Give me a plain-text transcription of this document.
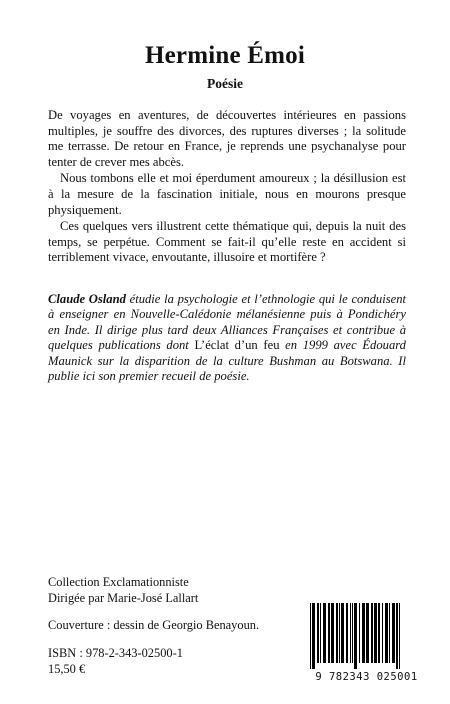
Hermine Émoi
Poésie

De voyages en aventures, de découvertes intérieures en passions multiples, je souffre des divorces, des ruptures diverses ; la solitude me terrasse. De retour en France, je reprends une psychanalyse pour tenter de crever mes abcès.

Nous tombons elle et moi éperdument amoureux ; la désillusion est à la mesure de la fascination initiale, nous en mourons presque physiquement.

Ces quelques vers illustrent cette thématique qui, depuis la nuit des temps, se perpétue. Comment se fait-il qu’elle reste en accident si terriblement vivace, envoutante, illusoire et mortifère ?

Claude Osland étudie la psychologie et l’ethnologie qui le conduisent à enseigner en Nouvelle-Calédonie mélanésienne puis à Pondichéry en Inde. Il dirige plus tard deux Alliances Françaises et contribue à quelques publications dont L’éclat d’un feu en 1999 avec Édouard Maunick sur la disparition de la culture Bushman au Botswana. Il publie ici son premier recueil de poésie.

Collection Exclamationniste
Dirigée par Marie-José Lallart
Couverture : dessin de Georgio Benayoun.
ISBN : 978-2-343-02500-1
15,50 €
9 782343 025001
